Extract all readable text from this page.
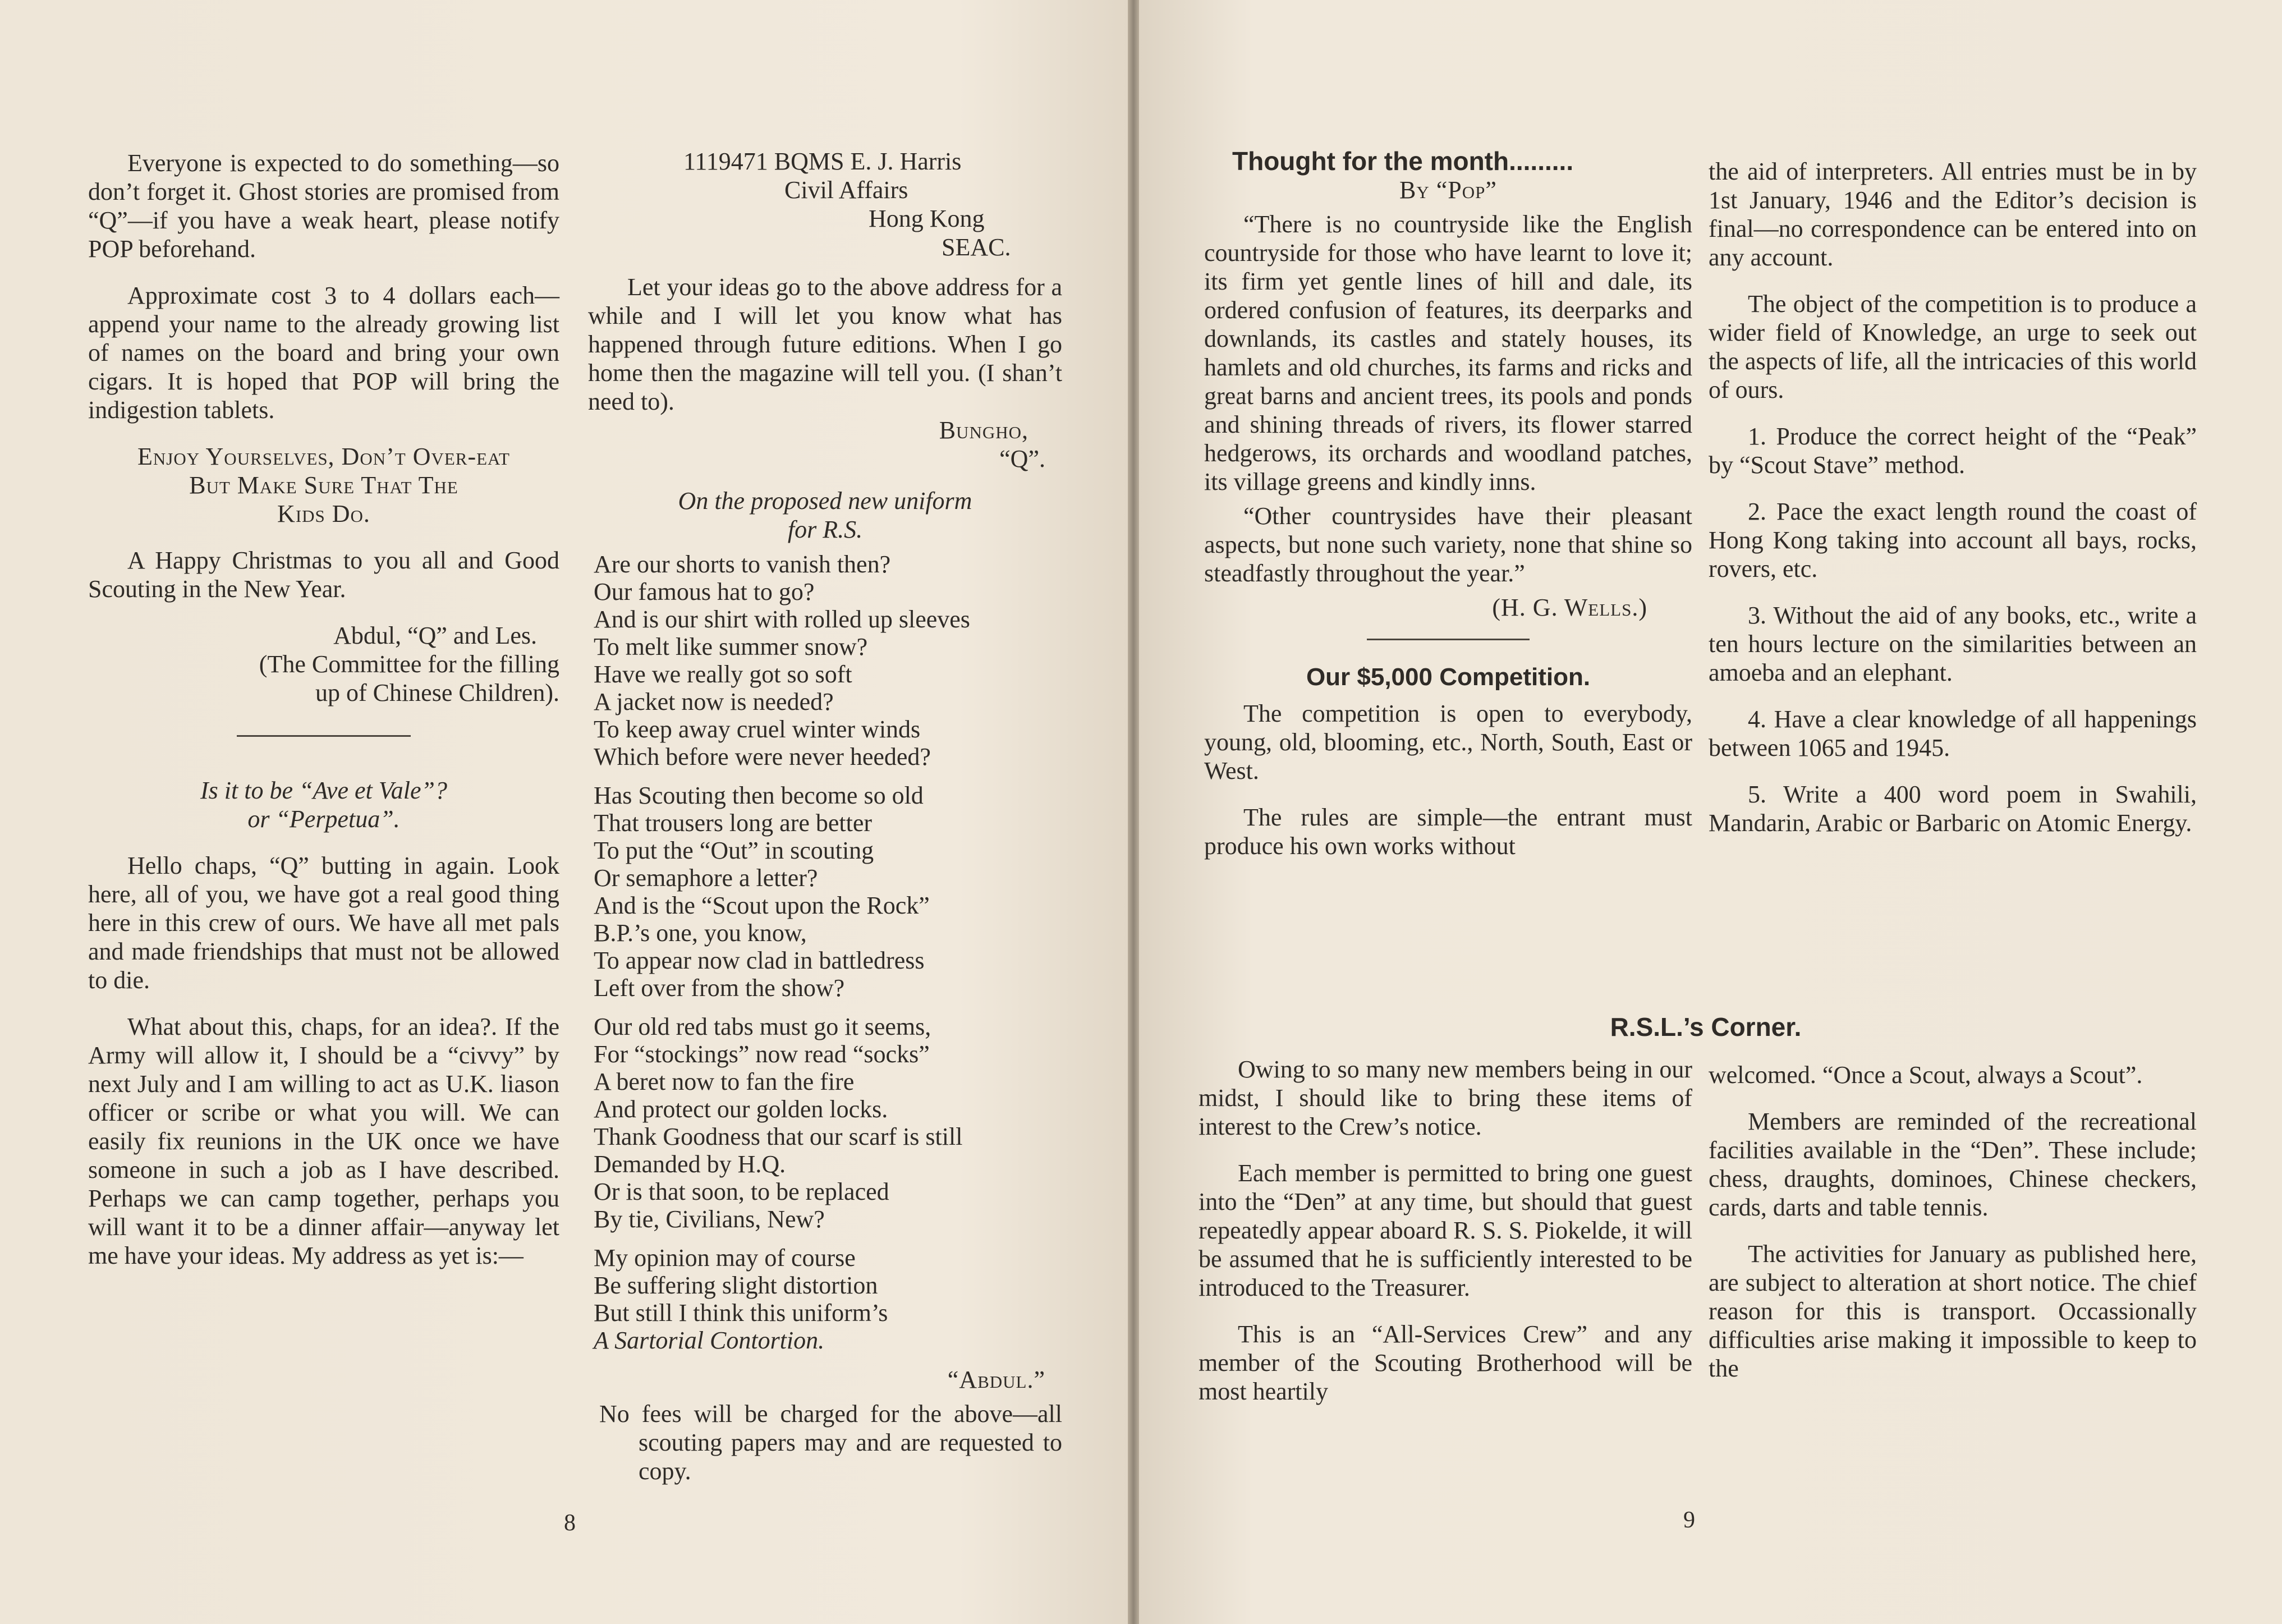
Everyone is expected to do something—so don’t forget it. Ghost stories are promised from “Q”—if you have a weak heart, please notify POP beforehand.

Approximate cost 3 to 4 dollars each—append your name to the already growing list of names on the board and bring your own cigars. It is hoped that POP will bring the indigestion tablets.

Enjoy Yourselves, Don’t Over-eat
But Make Sure That The
Kids Do.

A Happy Christmas to you all and Good Scouting in the New Year.

Abdul, “Q” and Les.
(The Committee for the filling
up of Chinese Children).
Is it to be “Ave et Vale”?
or “Perpetua”.

Hello chaps, “Q” butting in again. Look here, all of you, we have got a real good thing here in this crew of ours. We have all met pals and made friendships that must not be allowed to die.

What about this, chaps, for an idea?. If the Army will allow it, I should be a “civvy” by next July and I am willing to act as U.K. liason officer or scribe or what you will. We can easily fix reunions in the UK once we have someone in such a job as I have described. Perhaps we can camp together, perhaps you will want it to be a dinner affair—anyway let me have your ideas. My address as yet is:—

1119471 BQMS E. J. Harris
Civil Affairs
Hong Kong
SEAC.

Let your ideas go to the above address for a while and I will let you know what has happened through future editions. When I go home then the magazine will tell you. (I shan’t need to).

Bungho,
“Q”.
On the proposed new uniform
for R.S.

Are our shorts to vanish then?
Our famous hat to go?
And is our shirt with rolled up sleeves
To melt like summer snow?
Have we really got so soft
A jacket now is needed?
To keep away cruel winter winds
Which before were never heeded?

Has Scouting then become so old
That trousers long are better
To put the “Out” in scouting
Or semaphore a letter?
And is the “Scout upon the Rock”
B.P.’s one, you know,
To appear now clad in battledress
Left over from the show?

Our old red tabs must go it seems,
For “stockings” now read “socks”
A beret now to fan the fire
And protect our golden locks.
Thank Goodness that our scarf is still
Demanded by H.Q.
Or is that soon, to be replaced
By tie, Civilians, New?

My opinion may of course
Be suffering slight distortion
But still I think this uniform’s
A Sartorial Contortion.

“Abdul.”

No fees will be charged for the above—all scouting papers may and are requested to copy.

8
Thought for the month.........
By “Pop”

“There is no countryside like the English countryside for those who have learnt to love it; its firm yet gentle lines of hill and dale, its ordered confusion of features, its deerparks and downlands, its castles and stately houses, its hamlets and old churches, its farms and ricks and great barns and ancient trees, its pools and ponds and shining threads of rivers, its flower starred hedgerows, its orchards and woodland patches, its village greens and kindly inns.

“Other countrysides have their pleasant aspects, but none such variety, none that shine so steadfastly throughout the year.”

(H. G. Wells.)
Our $5,000 Competition.

The competition is open to everybody, young, old, blooming, etc., North, South, East or West.

The rules are simple—the entrant must produce his own works without

the aid of interpreters. All entries must be in by 1st January, 1946 and the Editor’s decision is final—no correspondence can be entered into on any account.

The object of the competition is to produce a wider field of Knowledge, an urge to seek out the aspects of life, all the intricacies of this world of ours.

1. Produce the correct height of the “Peak” by “Scout Stave” method.

2. Pace the exact length round the coast of Hong Kong taking into account all bays, rocks, rovers, etc.

3. Without the aid of any books, etc., write a ten hours lecture on the similarities between an amoeba and an elephant.

4. Have a clear knowledge of all happenings between 1065 and 1945.

5. Write a 400 word poem in Swahili, Mandarin, Arabic or Barbaric on Atomic Energy.

R.S.L.’s Corner.

Owing to so many new members being in our midst, I should like to bring these items of interest to the Crew’s notice.

Each member is permitted to bring one guest into the “Den” at any time, but should that guest repeatedly appear aboard R. S. S. Piokelde, it will be assumed that he is sufficiently interested to be introduced to the Treasurer.

This is an “All-Services Crew” and any member of the Scouting Brotherhood will be most heartily

welcomed. “Once a Scout, always a Scout”.

Members are reminded of the recreational facilities available in the “Den”. These include; chess, draughts, dominoes, Chinese checkers, cards, darts and table tennis.

The activities for January as published here, are subject to alteration at short notice. The chief reason for this is transport. Occassionally difficulties arise making it impossible to keep to the

9
